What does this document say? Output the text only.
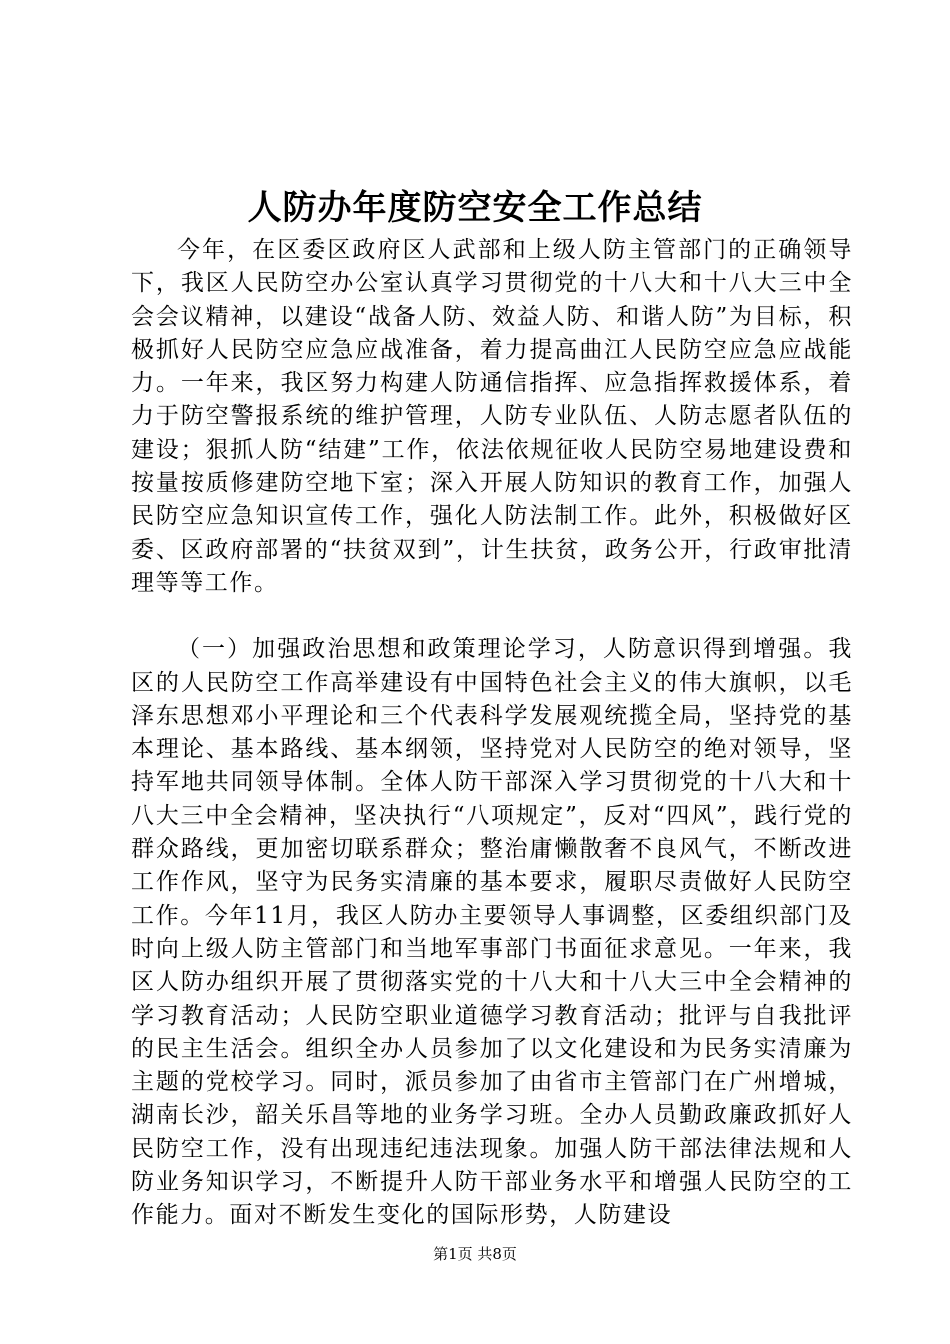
人防办年度防空安全工作总结

今年，在区委区政府区人武部和上级人防主管部门的正确领导下，我区人民防空办公室认真学习贯彻党的十八大和十八大三中全会会议精神，以建设“战备人防、效益人防、和谐人防”为目标，积极抓好人民防空应急应战准备，着力提高曲江人民防空应急应战能力。一年来，我区努力构建人防通信指挥、应急指挥救援体系，着力于防空警报系统的维护管理，人防专业队伍、人防志愿者队伍的建设；狠抓人防“结建”工作，依法依规征收人民防空易地建设费和按量按质修建防空地下室；深入开展人防知识的教育工作，加强人民防空应急知识宣传工作，强化人防法制工作。此外，积极做好区委、区政府部署的“扶贫双到”，计生扶贫，政务公开，行政审批清理等等工作。

（一）加强政治思想和政策理论学习，人防意识得到增强。我区的人民防空工作高举建设有中国特色社会主义的伟大旗帜，以毛泽东思想邓小平理论和三个代表科学发展观统揽全局，坚持党的基本理论、基本路线、基本纲领，坚持党对人民防空的绝对领导，坚持军地共同领导体制。全体人防干部深入学习贯彻党的十八大和十八大三中全会精神，坚决执行“八项规定”，反对“四风”，践行党的群众路线，更加密切联系群众；整治庸懒散奢不良风气，不断改进工作作风，坚守为民务实清廉的基本要求，履职尽责做好人民防空工作。今年11月，我区人防办主要领导人事调整，区委组织部门及时向上级人防主管部门和当地军事部门书面征求意见。一年来，我区人防办组织开展了贯彻落实党的十八大和十八大三中全会精神的学习教育活动；人民防空职业道德学习教育活动；批评与自我批评的民主生活会。组织全办人员参加了以文化建设和为民务实清廉为主题的党校学习。同时，派员参加了由省市主管部门在广州增城，湖南长沙，韶关乐昌等地的业务学习班。全办人员勤政廉政抓好人民防空工作，没有出现违纪违法现象。加强人防干部法律法规和人防业务知识学习，不断提升人防干部业务水平和增强人民防空的工作能力。面对不断发生变化的国际形势，人防建设

第1页 共8页
